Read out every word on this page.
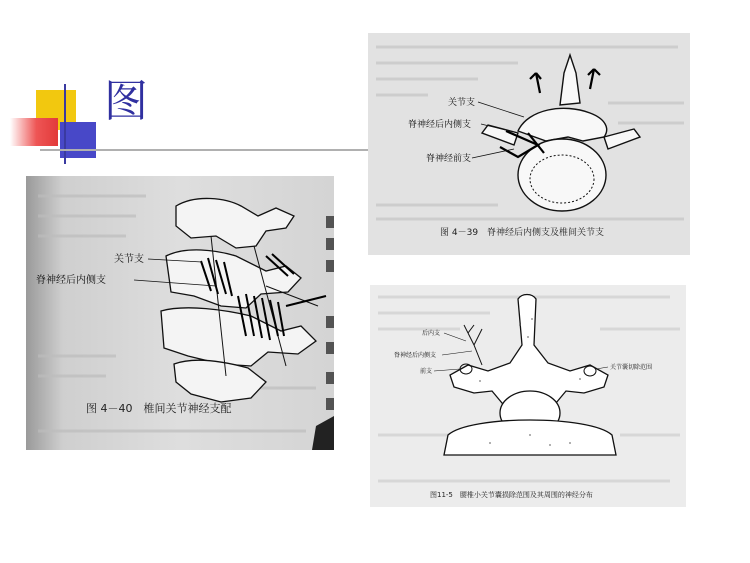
图
关节支
脊神经后内侧支
图 4－40　椎间关节神经支配
关节支
脊神经后内侧支
脊神经前支
图 4－39　脊神经后内侧支及椎间关节支
后内支
脊神经后内侧支
前支
关节囊切除范围
图11-5　腰椎小关节囊损除范围及其周围的神经分布
